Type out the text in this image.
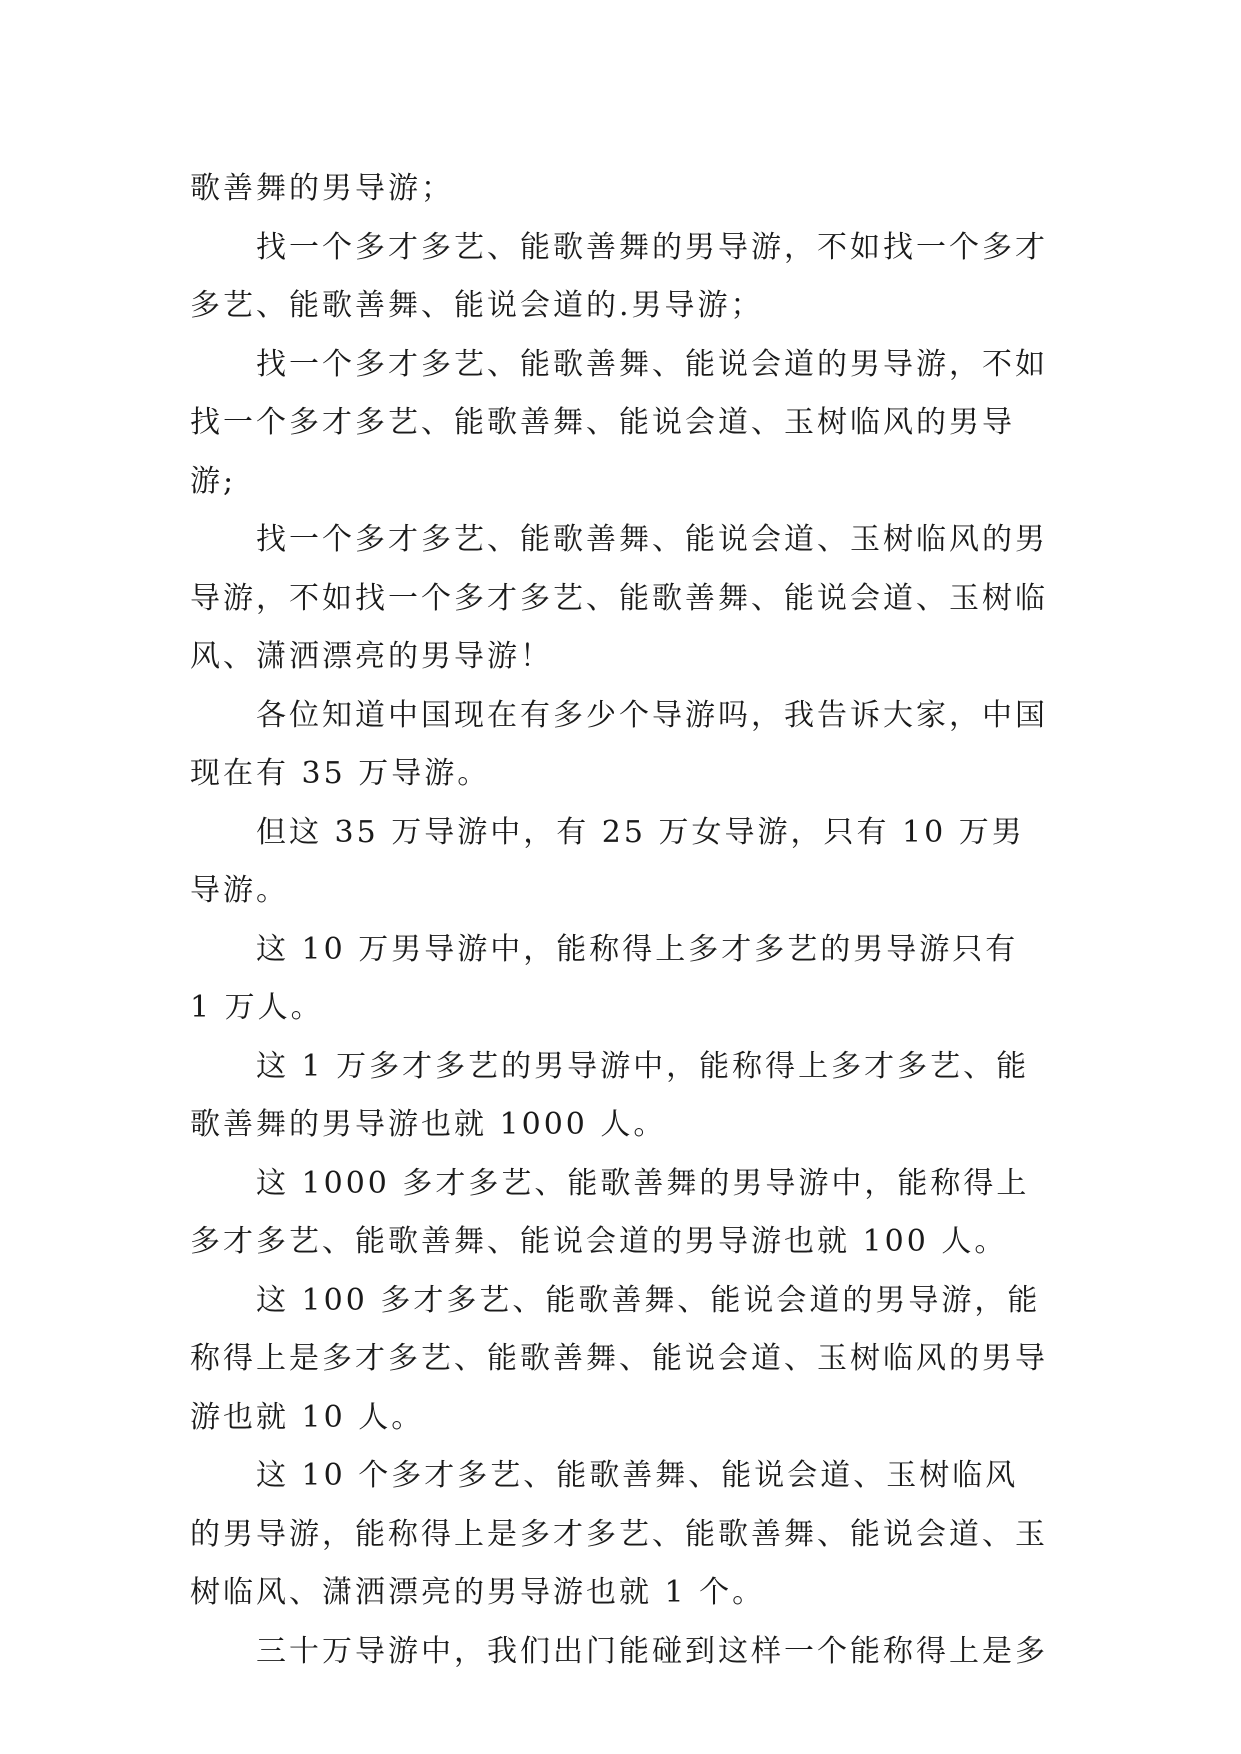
歌善舞的男导游；

找一个多才多艺、能歌善舞的男导游，不如找一个多才多艺、能歌善舞、能说会道的.男导游；

找一个多才多艺、能歌善舞、能说会道的男导游，不如找一个多才多艺、能歌善舞、能说会道、玉树临风的男导游;

找一个多才多艺、能歌善舞、能说会道、玉树临风的男导游，不如找一个多才多艺、能歌善舞、能说会道、玉树临风、潇洒漂亮的男导游！

各位知道中国现在有多少个导游吗，我告诉大家，中国现在有 35 万导游。

但这 35 万导游中，有 25 万女导游，只有 10 万男导游。

这 10 万男导游中，能称得上多才多艺的男导游只有 1 万人。

这 1 万多才多艺的男导游中，能称得上多才多艺、能歌善舞的男导游也就 1000 人。

这 1000 多才多艺、能歌善舞的男导游中，能称得上多才多艺、能歌善舞、能说会道的男导游也就 100 人。

这 100 多才多艺、能歌善舞、能说会道的男导游，能称得上是多才多艺、能歌善舞、能说会道、玉树临风的男导游也就 10 人。

这 10 个多才多艺、能歌善舞、能说会道、玉树临风的男导游，能称得上是多才多艺、能歌善舞、能说会道、玉树临风、潇洒漂亮的男导游也就 1 个。

三十万导游中，我们出门能碰到这样一个能称得上是多
